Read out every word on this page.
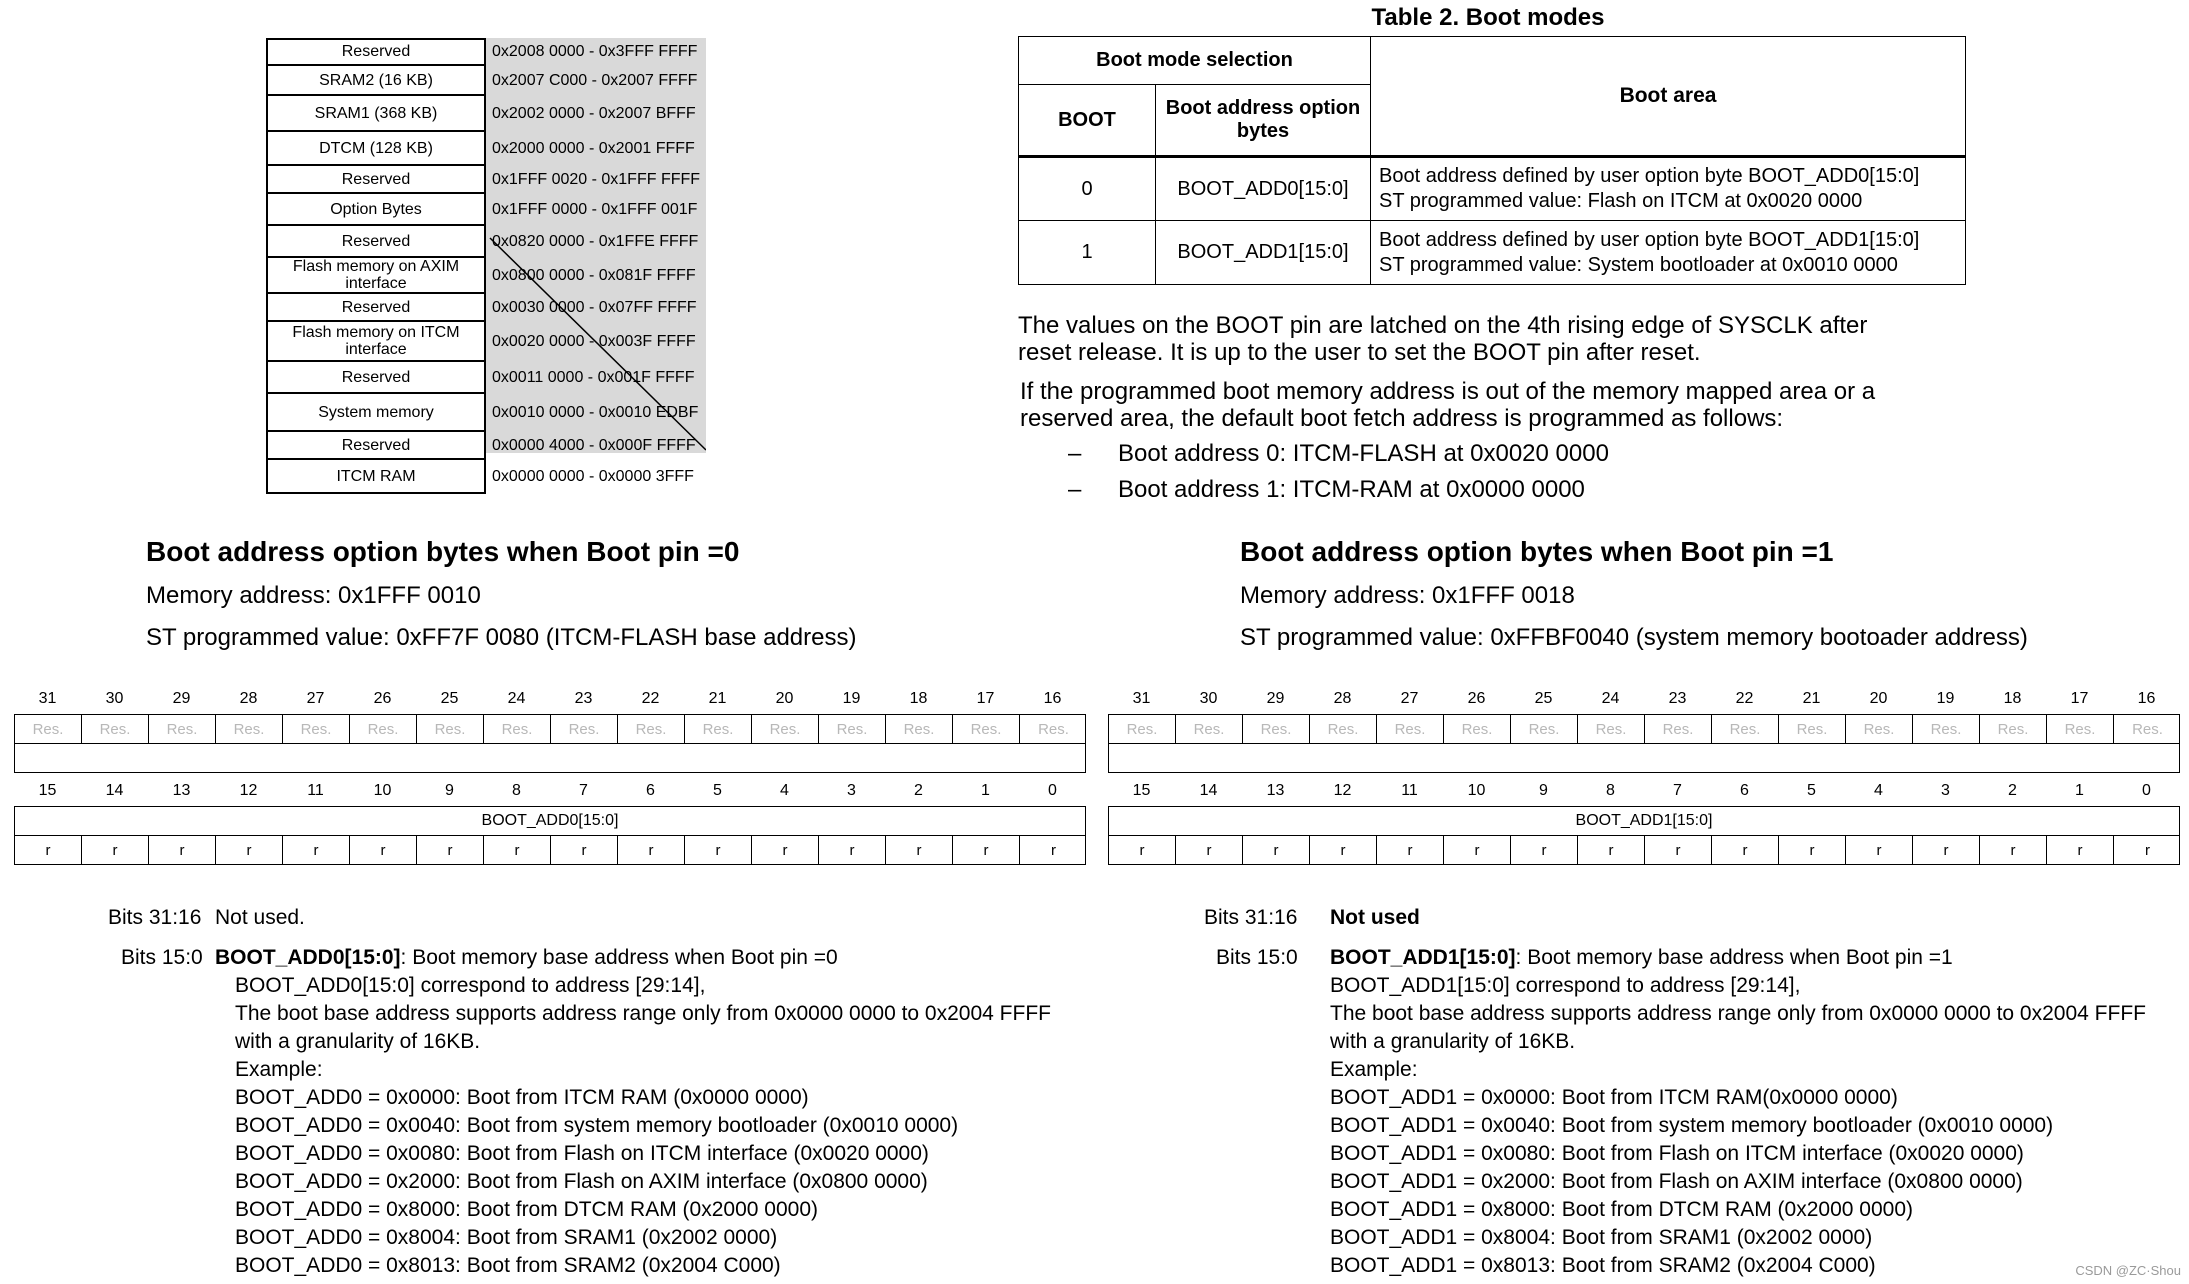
Reserved	0x2008 0000 - 0x3FFF FFFF
SRAM2 (16 KB)	0x2007 C000 - 0x2007 FFFF
SRAM1 (368 KB)	0x2002 0000 - 0x2007 BFFF
DTCM (128 KB)	0x2000 0000 - 0x2001 FFFF
Reserved	0x1FFF 0020 - 0x1FFF FFFF
Option Bytes	0x1FFF 0000 - 0x1FFF 001F
Reserved	0x0820 0000 - 0x1FFE FFFF
Flash memory on AXIM interface	0x0800 0000 - 0x081F FFFF
Reserved	0x0030 0000 - 0x07FF FFFF
Flash memory on ITCM interface	0x0020 0000 - 0x003F FFFF
Reserved	0x0011 0000 - 0x001F FFFF
System memory	0x0010 0000 - 0x0010 EDBF
Reserved	0x0000 4000 - 0x000F FFFF
ITCM RAM	0x0000 0000 - 0x0000 3FFF
Table 2. Boot modes
Boot mode selection		Boot area
BOOT	Boot address option bytes	
0	BOOT_ADD0[15:0]	Boot address defined by user option byte BOOT_ADD0[15:0]
ST programmed value: Flash on ITCM at 0x0020 0000

1	BOOT_ADD1[15:0]	Boot address defined by user option byte BOOT_ADD1[15:0]
ST programmed value: System bootloader at 0x0010 0000
The values on the BOOT pin are latched on the 4th rising edge of SYSCLK after reset release. It is up to the user to set the BOOT pin after reset.
If the programmed boot memory address is out of the memory mapped area or a reserved area, the default boot fetch address is programmed as follows:
– Boot address 0: ITCM-FLASH at 0x0020 0000
– Boot address 1: ITCM-RAM at 0x0000 0000
Boot address option bytes when Boot pin =0
Memory address: 0x1FFF 0010
ST programmed value: 0xFF7F 0080 (ITCM-FLASH base address)
Boot address option bytes when Boot pin =1
Memory address: 0x1FFF 0018
ST programmed value: 0xFFBF0040 (system memory bootoader address)
31	30	29	28	27	26	25	24	23	22	21	20	19	18	17	16
Res.	Res.	Res.	Res.	Res.	Res.	Res.	Res.	Res.	Res.	Res.	Res.	Res.	Res.	Res.	Res.
15	14	13	12	11	10	9	8	7	6	5	4	3	2	1	0
BOOT_ADD0[15:0]
r	r	r	r	r	r	r	r	r	r	r	r	r	r	r	r
31	30	29	28	27	26	25	24	23	22	21	20	19	18	17	16
Res.	Res.	Res.	Res.	Res.	Res.	Res.	Res.	Res.	Res.	Res.	Res.	Res.	Res.	Res.	Res.
15	14	13	12	11	10	9	8	7	6	5	4	3	2	1	0
BOOT_ADD1[15:0]
r	r	r	r	r	r	r	r	r	r	r	r	r	r	r	r
Bits 31:16 Not used.
Bits 15:0 BOOT_ADD0[15:0]: Boot memory base address when Boot pin =0
BOOT_ADD0[15:0] correspond to address [29:14],
The boot base address supports address range only from 0x0000 0000 to 0x2004 FFFF
with a granularity of 16KB.
Example:
BOOT_ADD0 = 0x0000: Boot from ITCM RAM (0x0000 0000)
BOOT_ADD0 = 0x0040: Boot from system memory bootloader (0x0010 0000)
BOOT_ADD0 = 0x0080: Boot from Flash on ITCM interface (0x0020 0000)
BOOT_ADD0 = 0x2000: Boot from Flash on AXIM interface (0x0800 0000)
BOOT_ADD0 = 0x8000: Boot from DTCM RAM (0x2000 0000)
BOOT_ADD0 = 0x8004: Boot from SRAM1 (0x2002 0000)
BOOT_ADD0 = 0x8013: Boot from SRAM2 (0x2004 C000)
Bits 31:16 Not used
Bits 15:0 BOOT_ADD1[15:0]: Boot memory base address when Boot pin =1
BOOT_ADD1[15:0] correspond to address [29:14],
The boot base address supports address range only from 0x0000 0000 to 0x2004 FFFF
with a granularity of 16KB.
Example:
BOOT_ADD1 = 0x0000: Boot from ITCM RAM(0x0000 0000)
BOOT_ADD1 = 0x0040: Boot from system memory bootloader (0x0010 0000)
BOOT_ADD1 = 0x0080: Boot from Flash on ITCM interface (0x0020 0000)
BOOT_ADD1 = 0x2000: Boot from Flash on AXIM interface (0x0800 0000)
BOOT_ADD1 = 0x8000: Boot from DTCM RAM (0x2000 0000)
BOOT_ADD1 = 0x8004: Boot from SRAM1 (0x2002 0000)
BOOT_ADD1 = 0x8013: Boot from SRAM2 (0x2004 C000)	CSDN @ZC·Shou
